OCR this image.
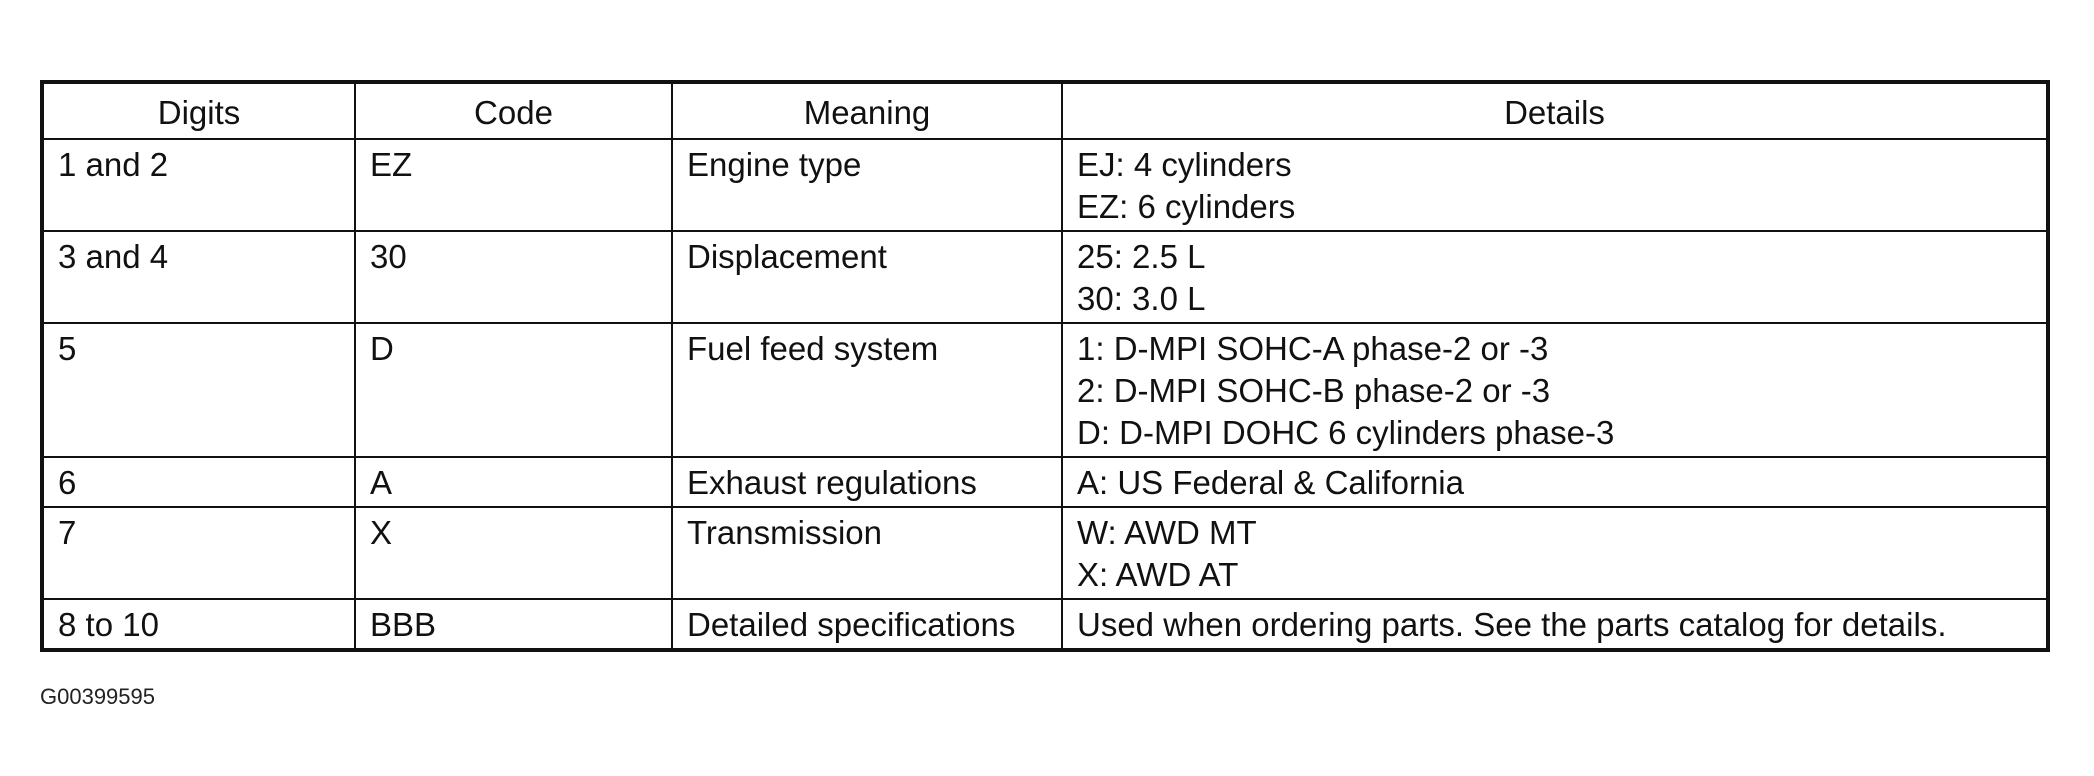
Digits	Code	Meaning	Details
1 and 2	EZ	Engine type	EJ: 4 cylinders
EZ: 6 cylinders

3 and 4	30	Displacement	25: 2.5 L
30: 3.0 L

5	D	Fuel feed system	1: D-MPI SOHC-A phase-2 or -3
2: D-MPI SOHC-B phase-2 or -3
D: D-MPI DOHC 6 cylinders phase-3

6	A	Exhaust regulations	A: US Federal & California

7	X	Transmission	W: AWD MT
X: AWD AT

8 to 10	BBB	Detailed specifications	Used when ordering parts. See the parts catalog for details.
G00399595
